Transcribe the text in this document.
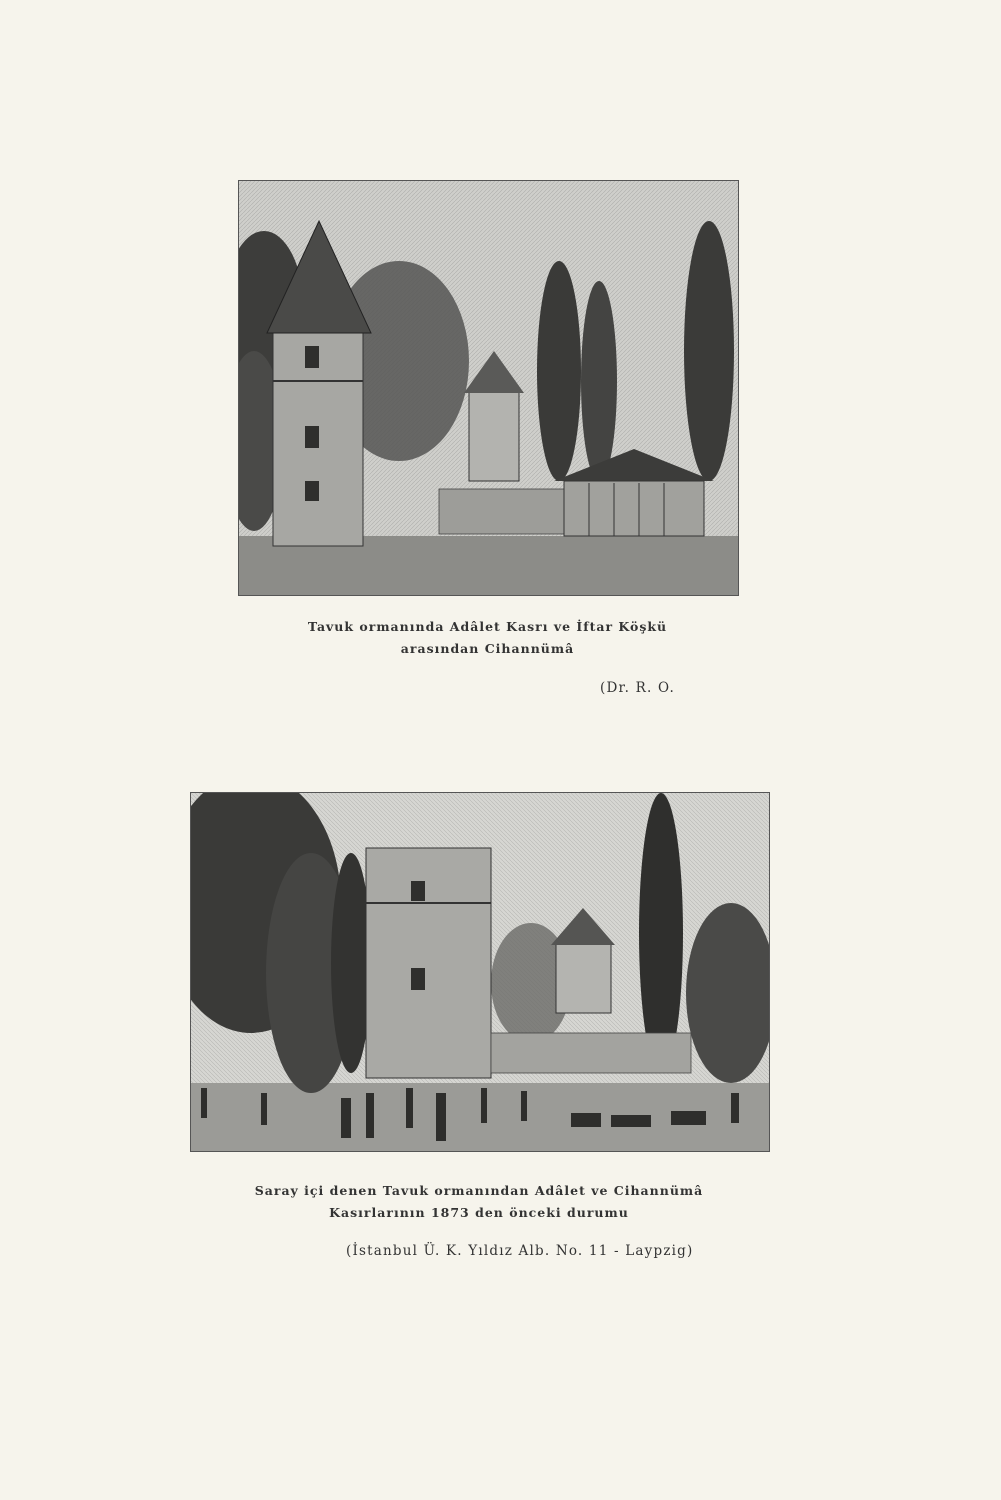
Tavuk ormanında Adâlet Kasrı ve İftar Köşkü
arasından Cihannümâ
(Dr. R. O.
Saray içi denen Tavuk ormanından Adâlet ve Cihannümâ
Kasırlarının 1873 den önceki durumu
(İstanbul Ü. K. Yıldız Alb. No. 11 - Laypzig)
